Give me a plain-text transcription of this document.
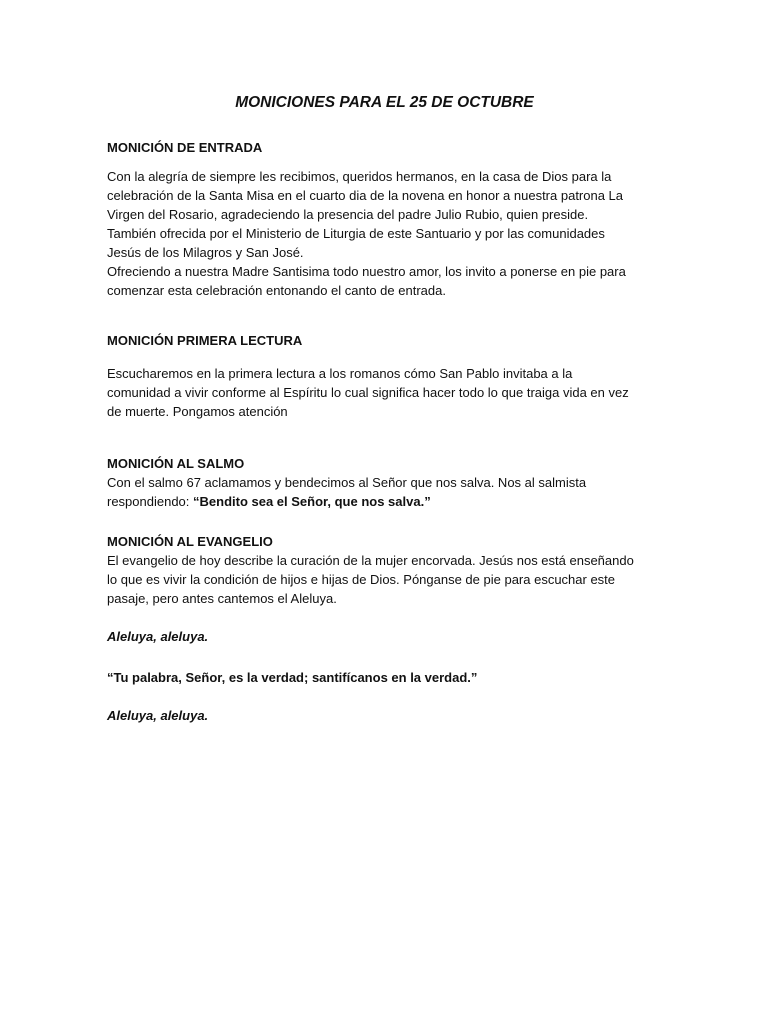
MONICIONES PARA EL 25 DE OCTUBRE
MONICIÓN DE ENTRADA

Con la alegría de siempre les recibimos, queridos hermanos, en la casa de Dios para la
celebración de la Santa Misa en el cuarto dia de la novena en honor a nuestra patrona La
Virgen del Rosario, agradeciendo la presencia del padre Julio Rubio, quien preside.
También ofrecida por el Ministerio de Liturgia de este Santuario y por las comunidades
Jesús de los Milagros y San José.
Ofreciendo a nuestra Madre Santisima todo nuestro amor, los invito a ponerse en pie para
comenzar esta celebración entonando el canto de entrada.

MONICIÓN PRIMERA LECTURA

Escucharemos en la primera lectura a los romanos cómo San Pablo invitaba a la
comunidad a vivir conforme al Espíritu lo cual significa hacer todo lo que traiga vida en vez
de muerte. Pongamos atención

MONICIÓN AL SALMO

Con el salmo 67 aclamamos y bendecimos al Señor que nos salva. Nos al salmista
respondiendo: “Bendito sea el Señor, que nos salva.”

MONICIÓN AL EVANGELIO

El evangelio de hoy describe la curación de la mujer encorvada. Jesús nos está enseñando
lo que es vivir la condición de hijos e hijas de Dios. Pónganse de pie para escuchar este
pasaje, pero antes cantemos el Aleluya.

Aleluya, aleluya.

“Tu palabra, Señor, es la verdad; santifícanos en la verdad.”

Aleluya, aleluya.
